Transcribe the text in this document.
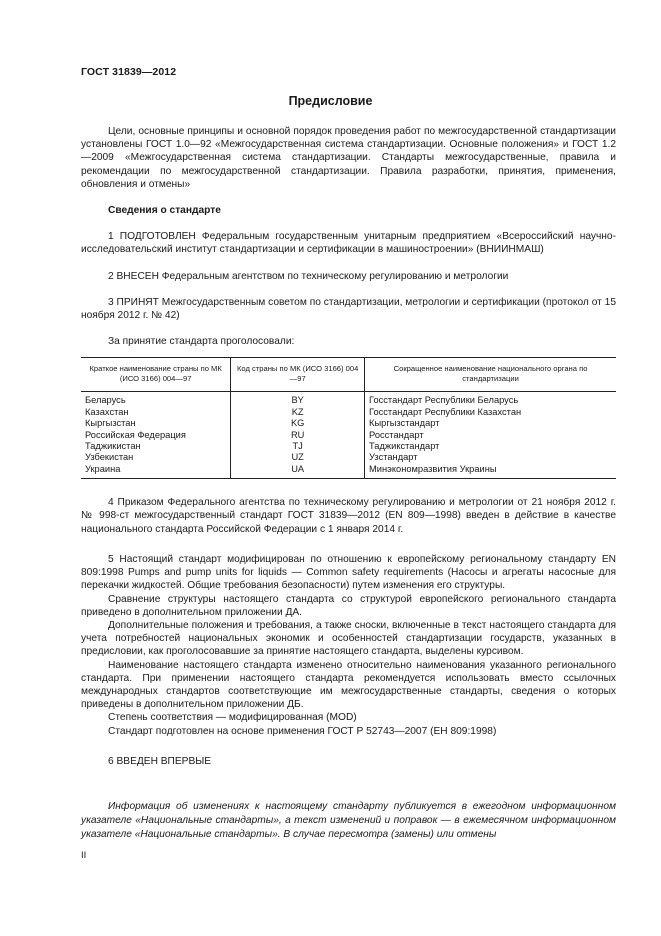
ГОСТ 31839—2012
Предисловие

Цели, основные принципы и основной порядок проведения работ по межгосударственной стандартизации установлены ГОСТ 1.0—92 «Межгосударственная система стандартизации. Основные положения» и ГОСТ 1.2—2009 «Межгосударственная система стандартизации. Стандарты межгосударственные, правила и рекомендации по межгосударственной стандартизации. Правила разработки, принятия, применения, обновления и отмены»

Сведения о стандарте

1 ПОДГОТОВЛЕН Федеральным государственным унитарным предприятием «Всероссийский научно-исследовательский институт стандартизации и сертификации в машиностроении» (ВНИИНМАШ)

2 ВНЕСЕН Федеральным агентством по техническому регулированию и метрологии

3 ПРИНЯТ Межгосударственным советом по стандартизации, метрологии и сертификации (протокол от 15 ноября 2012 г. № 42)

За принятие стандарта проголосовали:

Краткое наименование страны по МК (ИСО 3166) 004—97	Код страны по МК (ИСО 3166) 004—97	Сокращенное наименование национального органа по стандартизации
Беларусь	BY	Госстандарт Республики Беларусь
Казахстан	KZ	Госстандарт Республики Казахстан
Кыргызстан	KG	Кыргызстандарт
Российская Федерация	RU	Росстандарт
Таджикистан	TJ	Таджикстандарт
Узбекистан	UZ	Узстандарт
Украина	UA	Минэкономразвития Украины

4 Приказом Федерального агентства по техническому регулированию и метрологии от 21 ноября 2012 г. № 998-ст межгосударственный стандарт ГОСТ 31839—2012 (EN 809—1998) введен в действие в качестве национального стандарта Российской Федерации с 1 января 2014 г.

5 Настоящий стандарт модифицирован по отношению к европейскому региональному стандарту EN 809:1998 Pumps and pump units for liquids — Common safety requirements (Насосы и агрегаты насосные для перекачки жидкостей. Общие требования безопасности) путем изменения его структуры.

Сравнение структуры настоящего стандарта со структурой европейского регионального стандарта приведено в дополнительном приложении ДА.

Дополнительные положения и требования, а также сноски, включенные в текст настоящего стандарта для учета потребностей национальных экономик и особенностей стандартизации государств, указанных в предисловии, как проголосовавшие за принятие настоящего стандарта, выделены курсивом.

Наименование настоящего стандарта изменено относительно наименования указанного регионального стандарта. При применении настоящего стандарта рекомендуется использовать вместо ссылочных международных стандартов соответствующие им межгосударственные стандарты, сведения о которых приведены в дополнительном приложении ДБ.

Степень соответствия — модифицированная (MOD)

Стандарт подготовлен на основе применения ГОСТ Р 52743—2007 (ЕН 809:1998)

6 ВВЕДЕН ВПЕРВЫЕ

Информация об изменениях к настоящему стандарту публикуется в ежегодном информационном указателе «Национальные стандарты», а текст изменений и поправок — в ежемесячном информационном указателе «Национальные стандарты». В случае пересмотра (замены) или отмены

II
